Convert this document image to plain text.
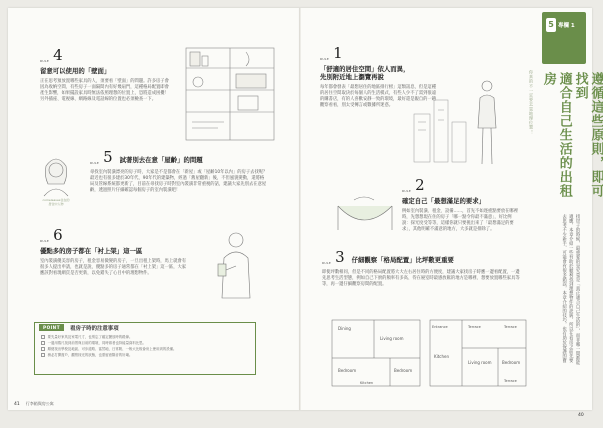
RULE 4
留意可以使用的「壁面」
正在思考預放置哪些家具的人，須要看「壁面」的問題。許多房子會因為收納空間、有些房子一面隔間內有好幾扇門，這種格局配置即會產生影響，如果擺設家具時無法依照理想的位置上，恐將造成困擾！另外插座、電視線、網路線及電話線的位置也必須檢查一下。
RULE 5 試著別去在意「屋齡」的問題
尋找室內裝潢漂亮的房子時，大家是不是都會在「新屋」或「屋齡10年以內」的房子去找呢？最近也有很多建於30年代、90年代的建築物，經過「舊屋翻新」後，不但風貌變動，還將格局及管線系統都更新了，目前在尋找房子時對室內裝潢非常重視的話，建議大家先別去在意屋齡，透過照片仔細確認每個房子的室內裝潢吧！
comeleaves住在的
居住中人物
RULE 6
優點多的房子都在「衬上架」這一區
室內裝潢優美容的房子，租金容易微變的房子，一旦出租上架時，馬上就會有很多人提出申請，也就是說，優點多的房子通常都在「衬上架」這一區，大家應該對看現網頁是否更新，以免錯失了心目中的理想物件。
POINT	看房子時的注意事項
要先量好家具及家電尺寸，也別忘了確定擺放時的路線。
一邊用捲尺找到前景與目前的環境，同時兩者也持能量資料比思。
順便找出學校及地區、可步道路、當然地、日常吸、一般大比較會房上使用到的設備。
務必打開窗戶，觀察採光的狀態，也需留意隔音的好壞。
41 行李箱與房公寓
RULE 1
「舒適的居住空間」依人而異，
先別附近地上瀏覽再說
每年都會發表「最想居住的地區排行榜」這類訊息，但是這種的居住空間取決於每個人的生活模式，有些人少不了需到很遠的購書店，有的人喜歡安靜一致的環境，最好還是親自的一趟觀察看看，別太受傳言或數據所迷惑。
RULE 2
確定自己「最想滿足的要求」
例如室內裝潢、租金、設備……，首先不如逐重點要放在哪裡時，先想想現在住的房子「哪一點令你最不滿意」，好比例說：探光度受等等，這樣你就只要挑出來了「最想滿足的要求」，其他明確不滿意的地方，大多就是排除了。
RULE 3 仔細觀察「格局配置」比坪數更重要
即使坪數相同，但是不同的格局配置將大大左右居住時的方便度，建議大家找房子時應一邊看配置，一邊先思考生活型態，例如自己下廚的頻率有多高、待在寢室時最感放鬆的地方是哪裡、想要放置哪些家具等等，再一邊仔細觀察房間的配置。
Dining
Living room
Bedroom	Bedroom
Kitchen
Entrance	Terrace	Terrace
Kitchen
Living room
Terrace
Bedroom
5 專欄 1
你真的不一定要去買地理位置！	遵循這些原則，即可找到
適合自己生活的出租房
找房子的時候，最重要的是究竟是「真正適合自己生活的」，而非哪一間都能
適應，本章介紹一些有助於順利找到理想物件的訣竅，所以在看房之前先要
去思考不少新手，可能會有很多錯誤，本章介紹的技巧，也有助於保護的寶
40
